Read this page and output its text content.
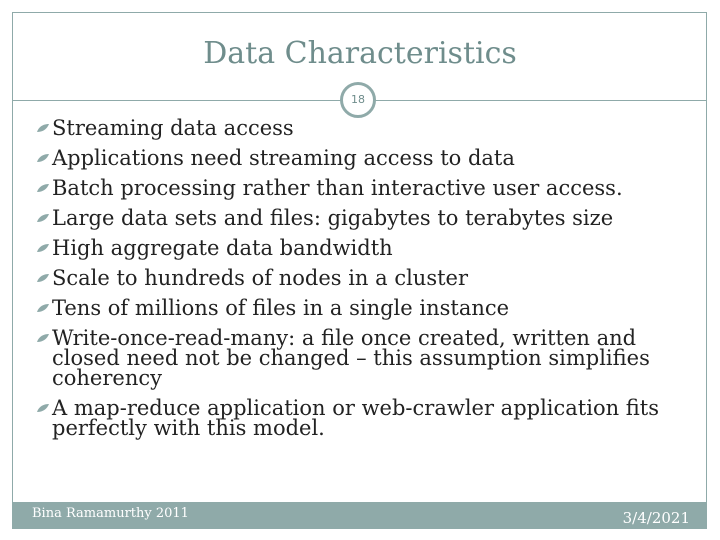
Data Characteristics
18
Streaming data access
Applications need streaming access to data
Batch processing rather than interactive user access.
Large data sets and files: gigabytes to terabytes size
High aggregate data bandwidth
Scale to hundreds of nodes in a cluster
Tens of millions of files in a single instance
Write-once-read-many: a file once created, written and closed need not be changed – this assumption simplifies coherency
A map-reduce application or web-crawler application fits perfectly with this model.
Bina Ramamurthy 2011	3/4/2021
